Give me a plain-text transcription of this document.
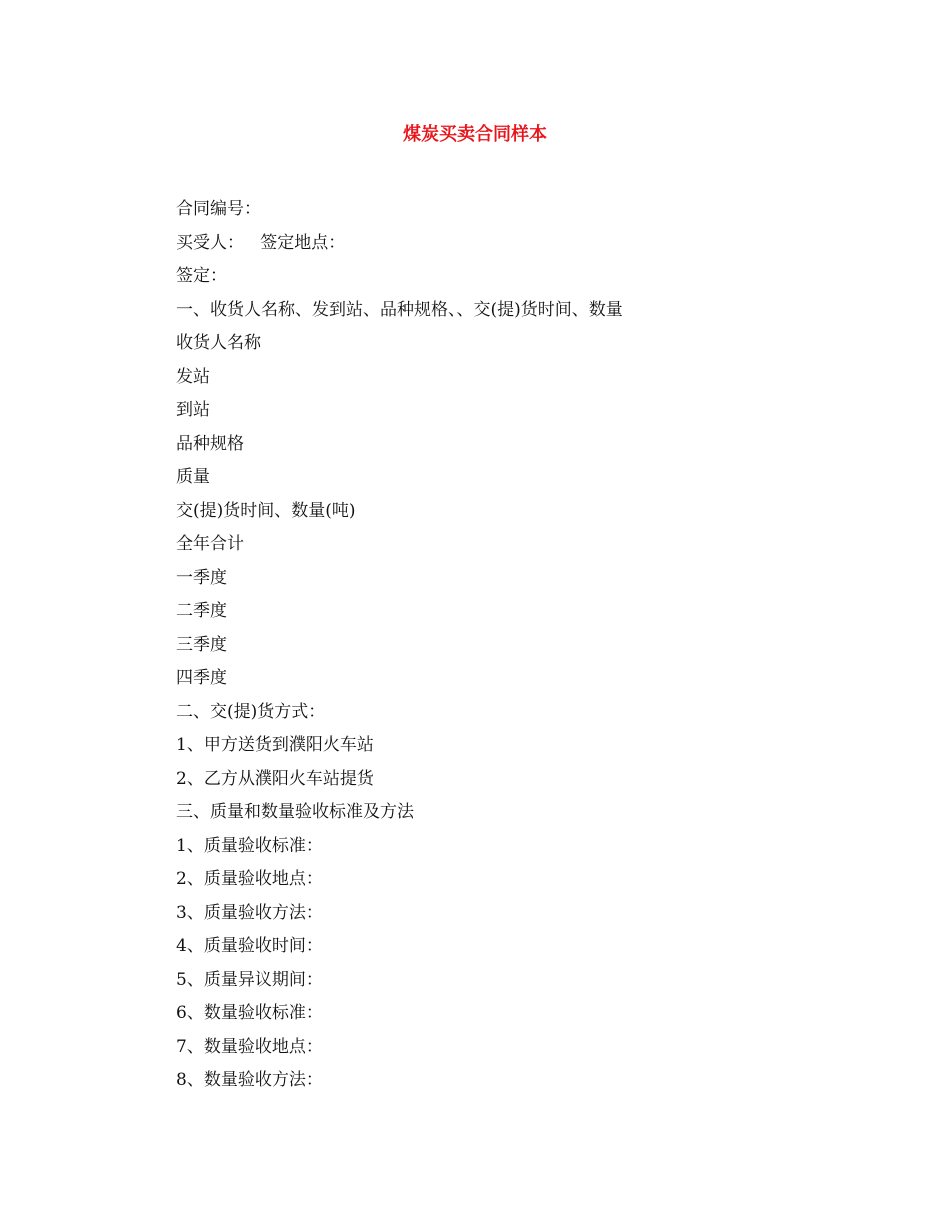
煤炭买卖合同样本
合同编号：
买受人：   签定地点：
签定：
一、收货人名称、发到站、品种规格、、交(提)货时间、数量
收货人名称
发站
到站
品种规格
质量
交(提)货时间、数量(吨)
全年合计
一季度
二季度
三季度
四季度
二、交(提)货方式：
1、甲方送货到濮阳火车站
2、乙方从濮阳火车站提货
三、质量和数量验收标准及方法
1、质量验收标准：
2、质量验收地点：
3、质量验收方法：
4、质量验收时间：
5、质量异议期间：
6、数量验收标准：
7、数量验收地点：
8、数量验收方法：
